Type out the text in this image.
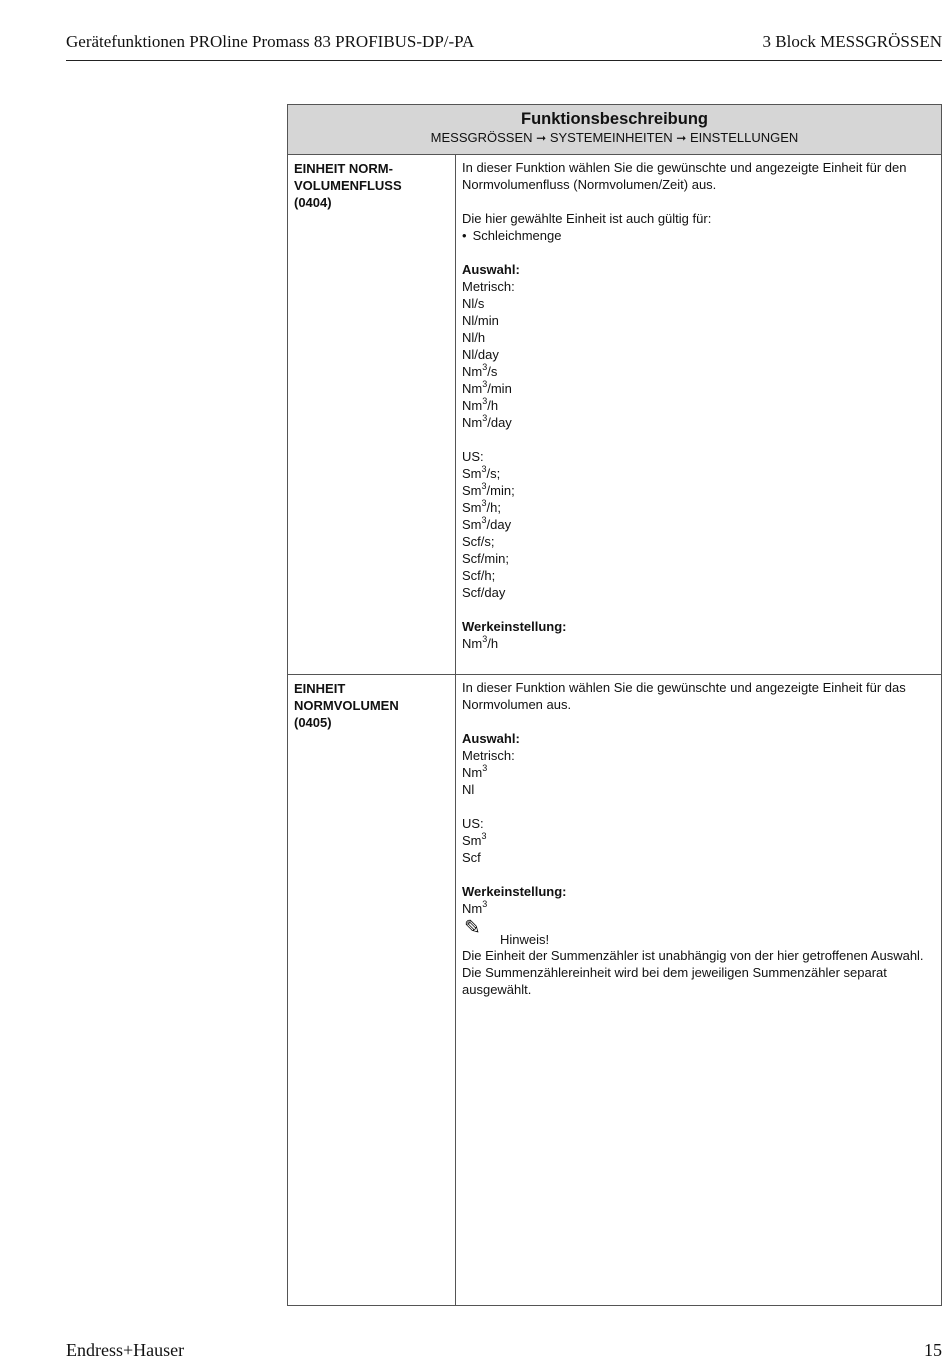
Gerätefunktionen PROline Promass 83 PROFIBUS-DP/-PA	3 Block MESSGRÖSSEN
Funktionsbeschreibung
MESSGRÖSSEN ➞ SYSTEMEINHEITEN ➞ EINSTELLUNGEN
EINHEIT NORM-
VOLUMENFLUSS
(0404)

In dieser Funktion wählen Sie die gewünschte und angezeigte Einheit für den Normvolumenfluss (Normvolumen/Zeit) aus.

Die hier gewählte Einheit ist auch gültig für:

• Schleichmenge

Auswahl:

Metrisch:

Nl/s

Nl/min

Nl/h

Nl/day

Nm$^3$/s

Nm$^3$/min

Nm$^3$/h

Nm$^3$/day

US:

Sm$^3$/s;

Sm$^3$/min;

Sm$^3$/h;

Sm$^3$/day

Scf/s;

Scf/min;

Scf/h;

Scf/day

Werkeinstellung:

Nm$^3$/h

EINHEIT
NORMVOLUMEN
(0405)

In dieser Funktion wählen Sie die gewünschte und angezeigte Einheit für das Normvolumen aus.

Auswahl:

Metrisch:

Nm$^3$

Nl

US:

Sm$^3$

Scf

Werkeinstellung:

Nm$^3$

✎
Hinweis!

Die Einheit der Summenzähler ist unabhängig von der hier getroffenen Auswahl. Die Summenzählereinheit wird bei dem jeweiligen Summenzähler separat ausgewählt.

Endress+Hauser	15
